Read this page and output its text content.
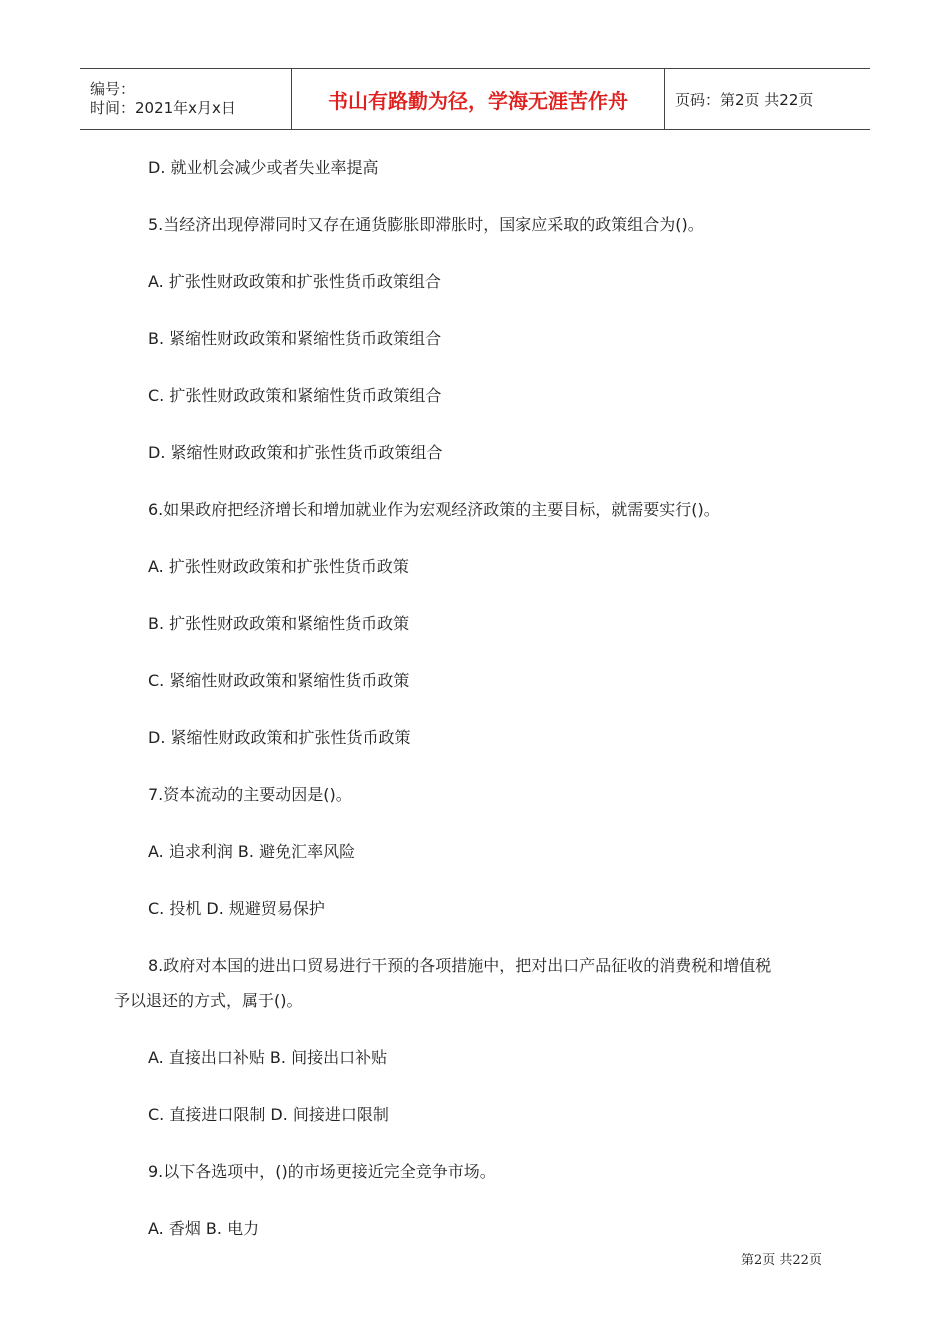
编号：
时间：2021年x月x日	书山有路勤为径，学海无涯苦作舟	页码：第2页 共22页
D. 就业机会减少或者失业率提高
5.当经济出现停滞同时又存在通货膨胀即滞胀时，国家应采取的政策组合为()。
A. 扩张性财政政策和扩张性货币政策组合
B. 紧缩性财政政策和紧缩性货币政策组合
C. 扩张性财政政策和紧缩性货币政策组合
D. 紧缩性财政政策和扩张性货币政策组合
6.如果政府把经济增长和增加就业作为宏观经济政策的主要目标，就需要实行()。
A. 扩张性财政政策和扩张性货币政策
B. 扩张性财政政策和紧缩性货币政策
C. 紧缩性财政政策和紧缩性货币政策
D. 紧缩性财政政策和扩张性货币政策
7.资本流动的主要动因是()。
A. 追求利润 B. 避免汇率风险
C. 投机 D. 规避贸易保护
8.政府对本国的进出口贸易进行干预的各项措施中，把对出口产品征收的消费税和增值税
予以退还的方式，属于()。
A. 直接出口补贴 B. 间接出口补贴
C. 直接进口限制 D. 间接进口限制
9.以下各选项中，()的市场更接近完全竞争市场。
A. 香烟 B. 电力
第2页 共22页
